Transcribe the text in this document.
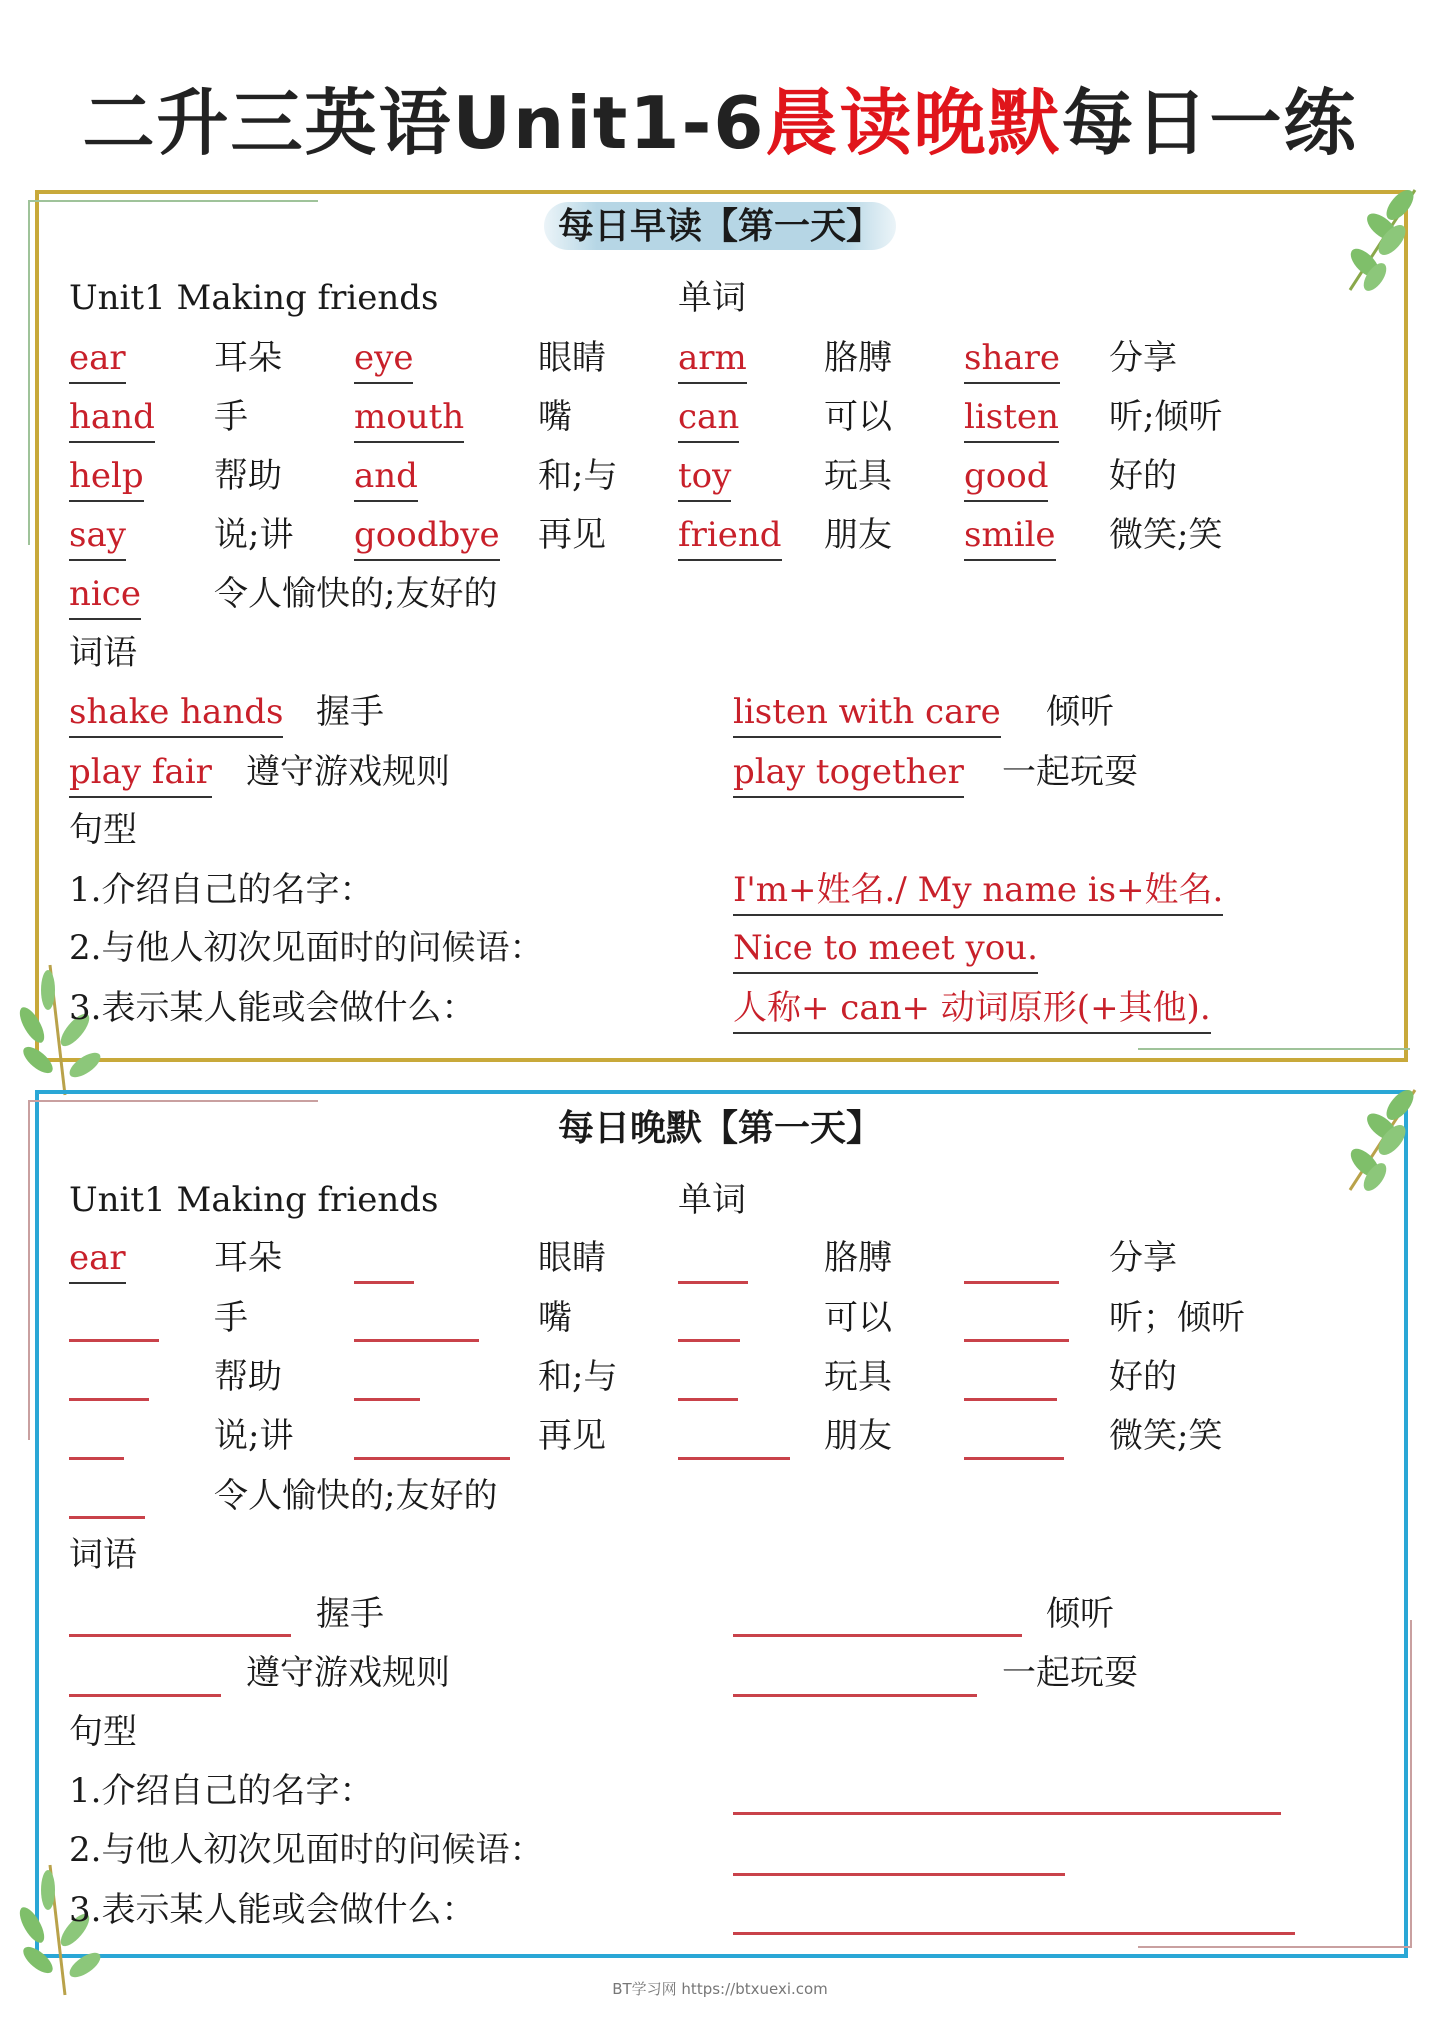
二升三英语Unit1-6晨读晚默每日一练
每日早读【第一天】
Unit1 Making friends	单词
ear	耳朵 eye	眼睛 arm 胳膊 share 分享
hand 手	mouth 嘴	can 可以 listen 听;倾听
help 帮助 and	和;与 toy	玩具 good 好的
say	说;讲 goodbye 再见 friend 朋友 smile 微笑;笑
nice 令人愉快的;友好的
词语
shake hands 握手	listen with care 倾听
play fair 遵守游戏规则	play together 一起玩耍
句型
1.介绍自己的名字：	I'm+姓名./ My name is+姓名.
2.与他人初次见面时的问候语：	Nice to meet you.
3.表示某人能或会做什么：	人称+ can+ 动词原形(+其他).
每日晚默【第一天】
Unit1 Making friends	单词
ear	耳朵	眼睛	胳膊	分享
手	嘴	可以	听；倾听
帮助	和;与	玩具	好的
说;讲	再见	朋友	微笑;笑
令人愉快的;友好的
词语
握手	倾听
遵守游戏规则	一起玩耍
句型
1.介绍自己的名字：
2.与他人初次见面时的问候语：
3.表示某人能或会做什么：
BT学习网 https://btxuexi.com
